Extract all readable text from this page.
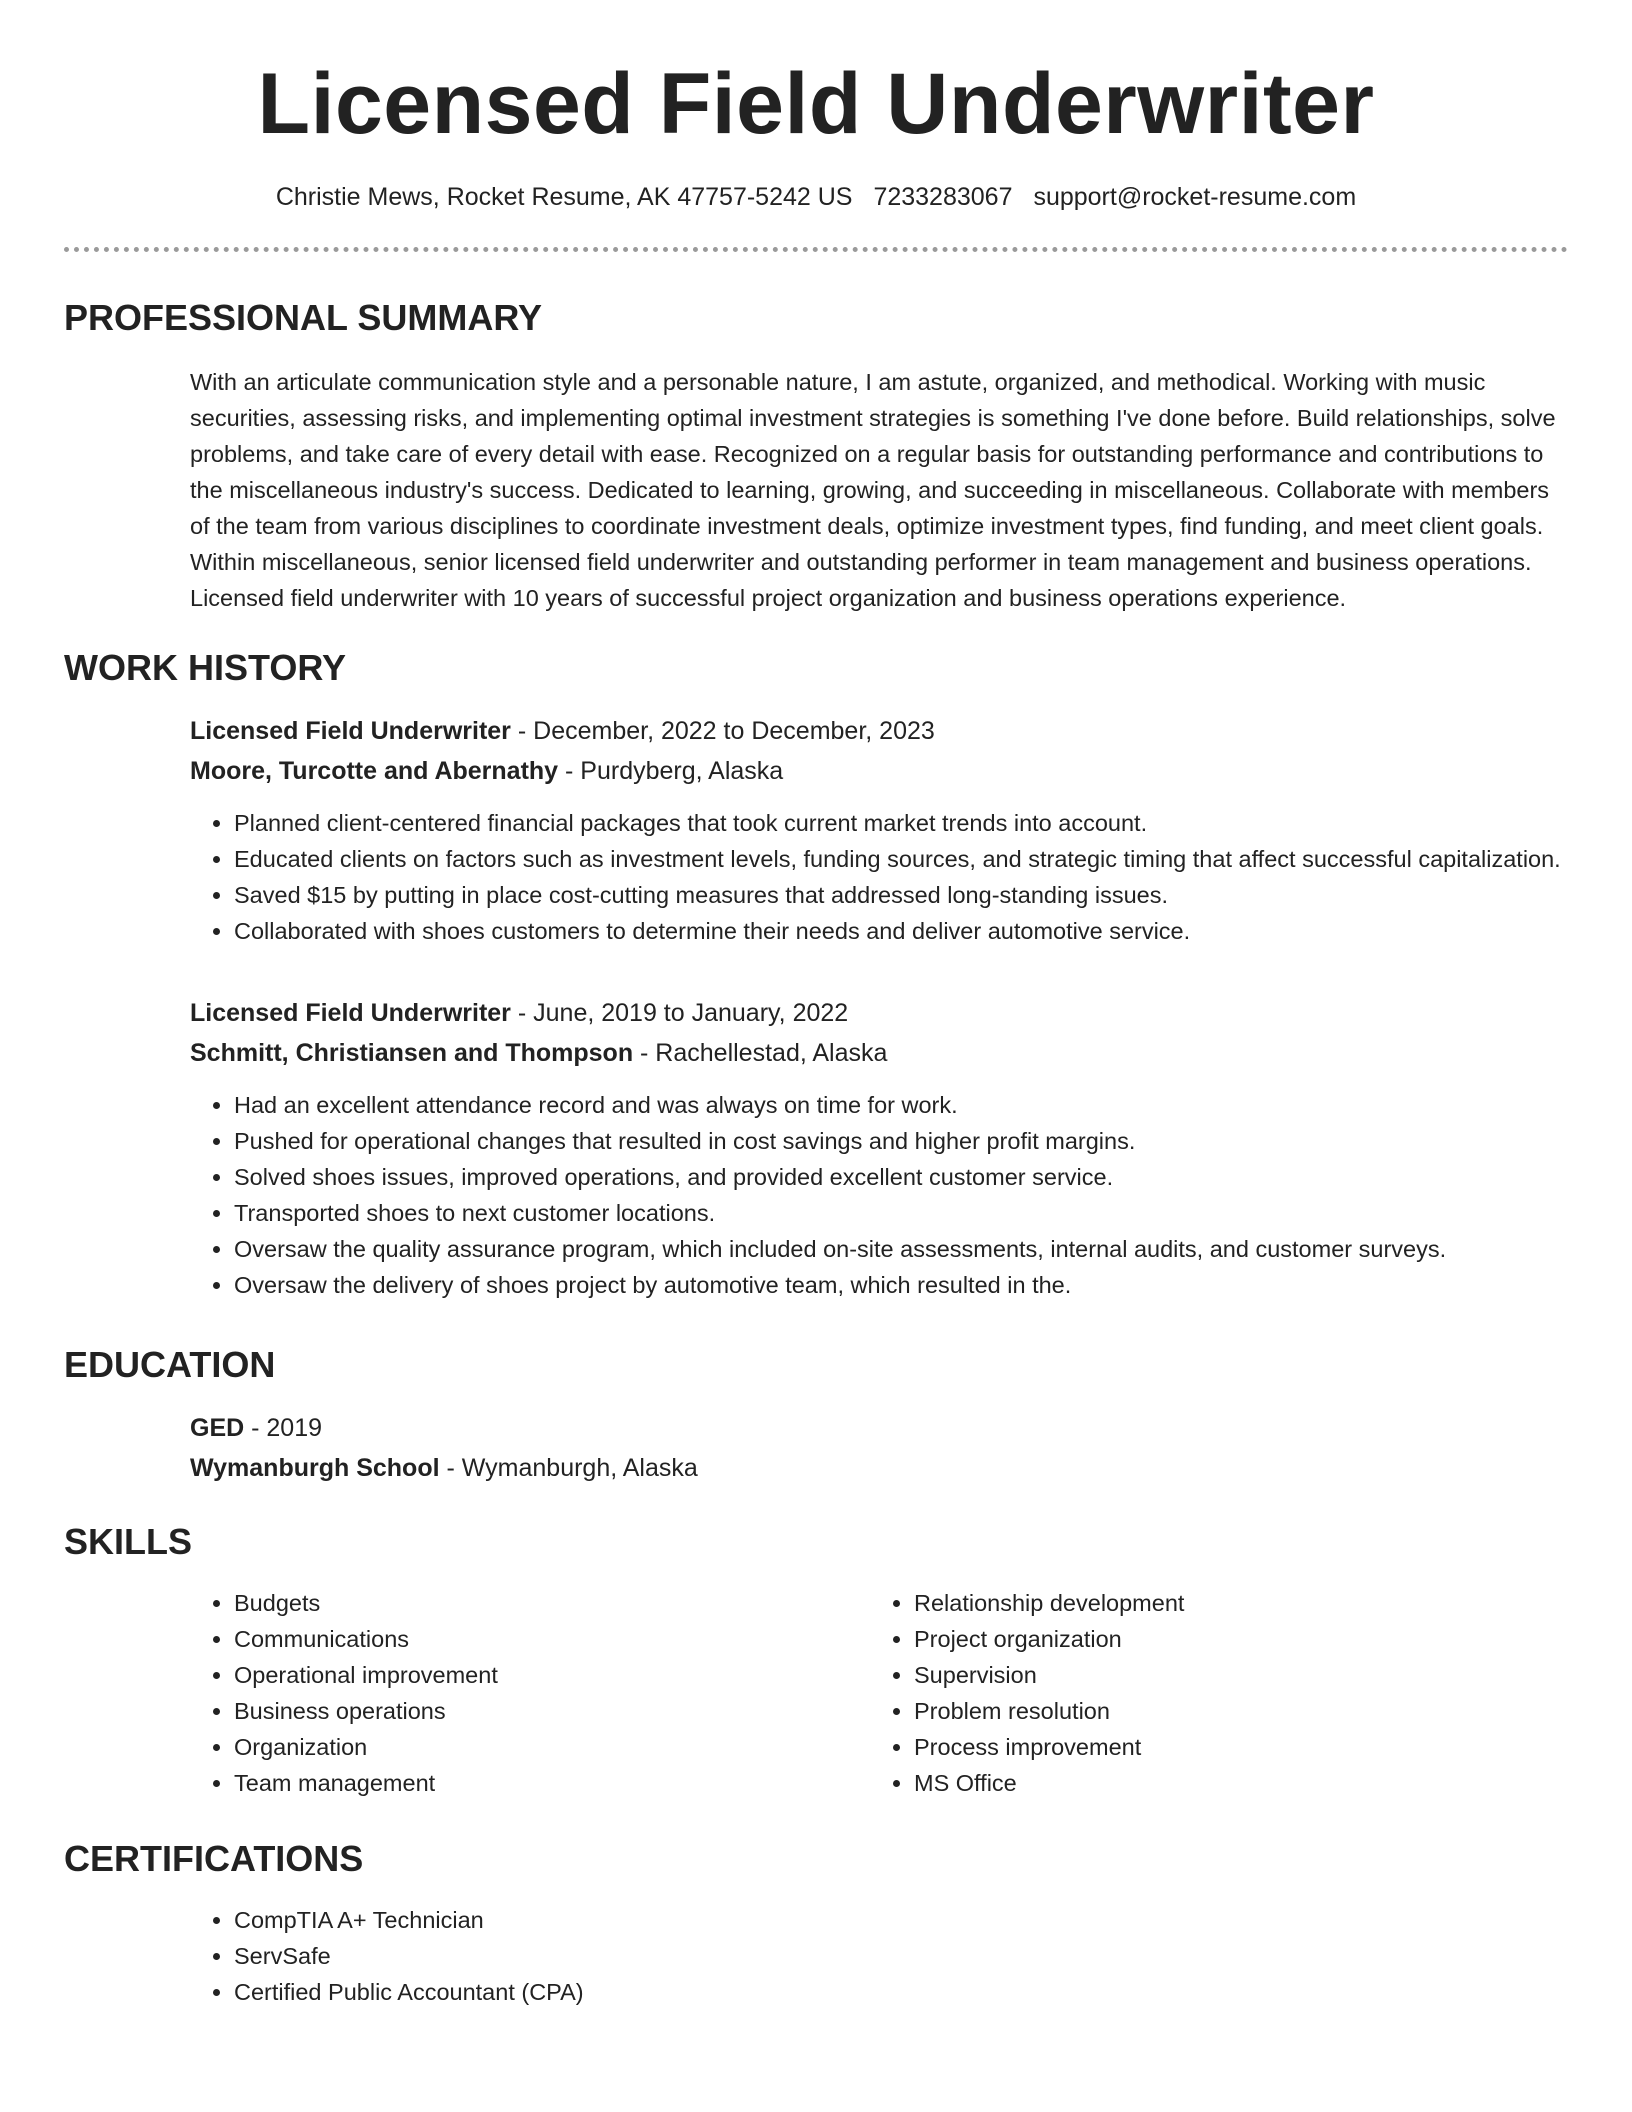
Licensed Field Underwriter
Christie Mews, Rocket Resume, AK 47757-5242 US 7233283067 support@rocket-resume.com
PROFESSIONAL SUMMARY
With an articulate communication style and a personable nature, I am astute, organized, and methodical. Working with music securities, assessing risks, and implementing optimal investment strategies is something I've done before. Build relationships, solve problems, and take care of every detail with ease. Recognized on a regular basis for outstanding performance and contributions to the miscellaneous industry's success. Dedicated to learning, growing, and succeeding in miscellaneous. Collaborate with members of the team from various disciplines to coordinate investment deals, optimize investment types, find funding, and meet client goals. Within miscellaneous, senior licensed field underwriter and outstanding performer in team management and business operations. Licensed field underwriter with 10 years of successful project organization and business operations experience.
WORK HISTORY
Licensed Field Underwriter - December, 2022 to December, 2023
Moore, Turcotte and Abernathy - Purdyberg, Alaska
• Planned client-centered financial packages that took current market trends into account.
• Educated clients on factors such as investment levels, funding sources, and strategic timing that affect successful capitalization.
• Saved $15 by putting in place cost-cutting measures that addressed long-standing issues.
• Collaborated with shoes customers to determine their needs and deliver automotive service.
Licensed Field Underwriter - June, 2019 to January, 2022
Schmitt, Christiansen and Thompson - Rachellestad, Alaska
• Had an excellent attendance record and was always on time for work.
• Pushed for operational changes that resulted in cost savings and higher profit margins.
• Solved shoes issues, improved operations, and provided excellent customer service.
• Transported shoes to next customer locations.
• Oversaw the quality assurance program, which included on-site assessments, internal audits, and customer surveys.
• Oversaw the delivery of shoes project by automotive team, which resulted in the.
EDUCATION
GED - 2019
Wymanburgh School - Wymanburgh, Alaska
SKILLS
• Budgets
• Communications
• Operational improvement
• Business operations
• Organization
• Team management
• Relationship development
• Project organization
• Supervision
• Problem resolution
• Process improvement
• MS Office
CERTIFICATIONS
• CompTIA A+ Technician
• ServSafe
• Certified Public Accountant (CPA)
